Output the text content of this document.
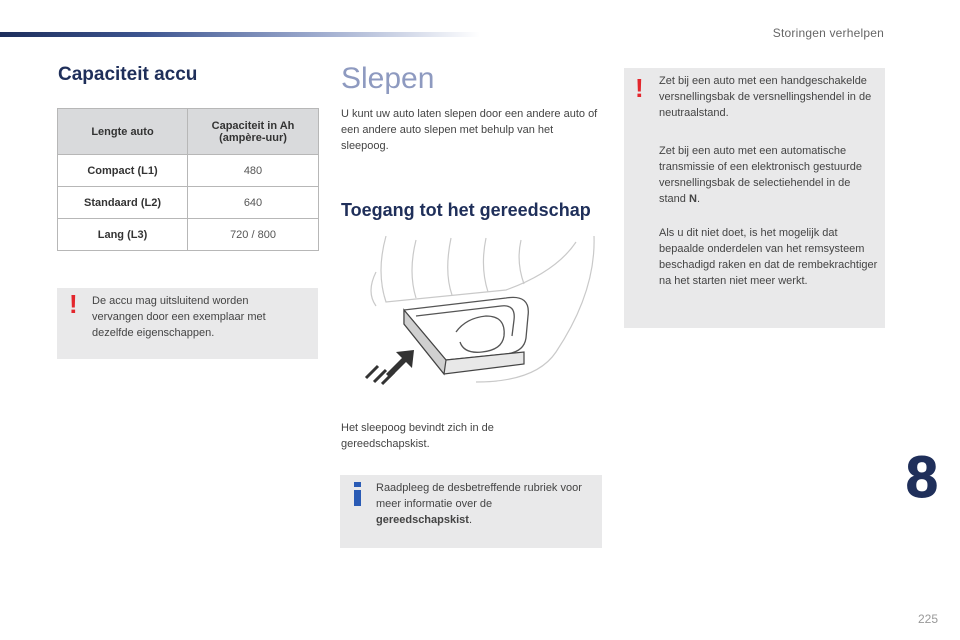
Storingen verhelpen
Capaciteit accu
Lengte auto	Capaciteit in Ah (ampère-uur)
Compact (L1)	480
Standaard (L2)	640
Lang (L3)	720 / 800
! De accu mag uitsluitend worden vervangen door een exemplaar met dezelfde eigenschappen.

Slepen

U kunt uw auto laten slepen door een andere auto of een andere auto slepen met behulp van het sleepoog.

Toegang tot het gereedschap

Het sleepoog bevindt zich in de gereedschapskist.

Raadpleeg de desbetreffende rubriek voor meer informatie over de gereedschapskist.

! Zet bij een auto met een handgeschakelde versnellingsbak de versnellingshendel in de neutraalstand.

Zet bij een auto met een automatische transmissie of een elektronisch gestuurde versnellingsbak de selectiehendel in de stand N.

Als u dit niet doet, is het mogelijk dat bepaalde onderdelen van het remsysteem beschadigd raken en dat de rembekrachtiger na het starten niet meer werkt.

8
225
